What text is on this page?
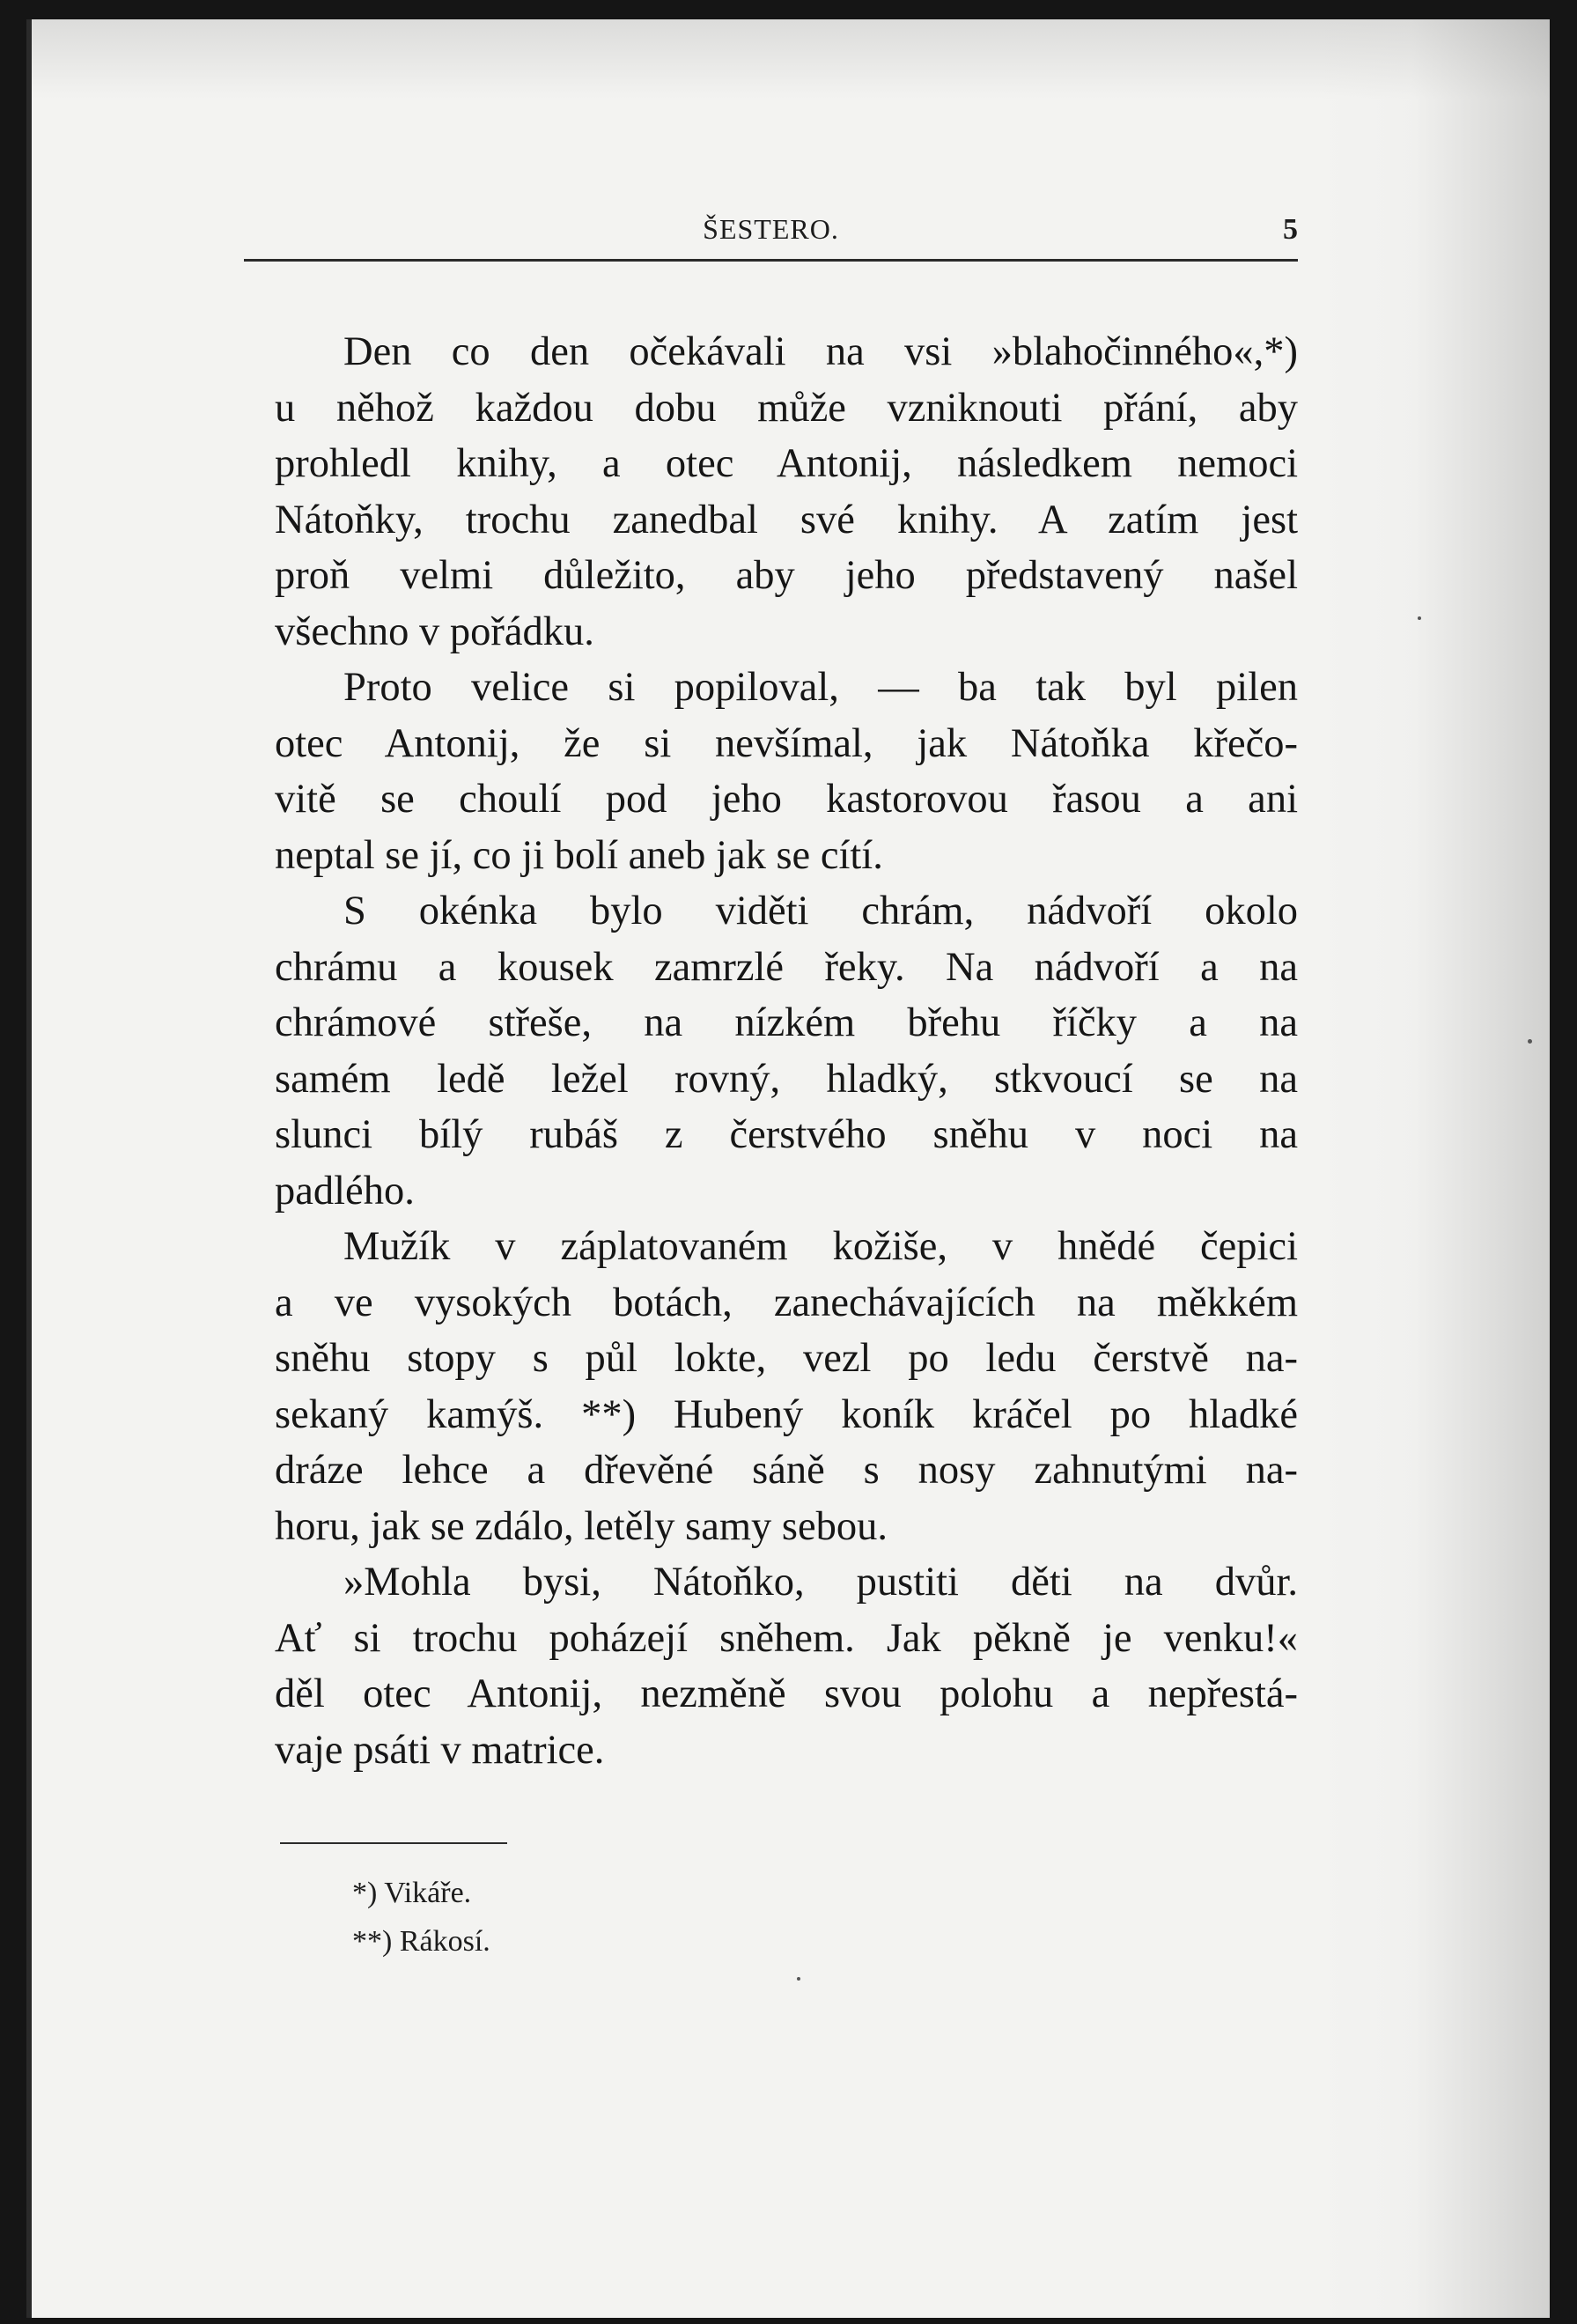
ŠESTERO.	5

Den co den očekávali na vsi »blahočinného«,*)
u něhož každou dobu může vzniknouti přání, aby
prohledl knihy, a otec Antonij, následkem nemoci
Nátoňky, trochu zanedbal své knihy. A zatím jest
proň velmi důležito, aby jeho představený našel
všechno v pořádku.

Proto velice si popiloval, — ba tak byl pilen
otec Antonij, že si nevšímal, jak Nátoňka křečo-
vitě se choulí pod jeho kastorovou řasou a ani
neptal se jí, co ji bolí aneb jak se cítí.

S okénka bylo viděti chrám, nádvoří okolo
chrámu a kousek zamrzlé řeky. Na nádvoří a na
chrámové střeše, na nízkém břehu říčky a na
samém ledě ležel rovný, hladký, stkvoucí se na
slunci bílý rubáš z čerstvého sněhu v noci na
padlého.

Mužík v záplatovaném kožiše, v hnědé čepici
a ve vysokých botách, zanechávajících na měkkém
sněhu stopy s půl lokte, vezl po ledu čerstvě na-
sekaný kamýš. **) Hubený koník kráčel po hladké
dráze lehce a dřevěné sáně s nosy zahnutými na-
horu, jak se zdálo, letěly samy sebou.

»Mohla bysi, Nátoňko, pustiti děti na dvůr.
Ať si trochu poházejí sněhem. Jak pěkně je venku!«
děl otec Antonij, nezměně svou polohu a nepřestá-
vaje psáti v matrice.

*) Vikáře.
**) Rákosí.
